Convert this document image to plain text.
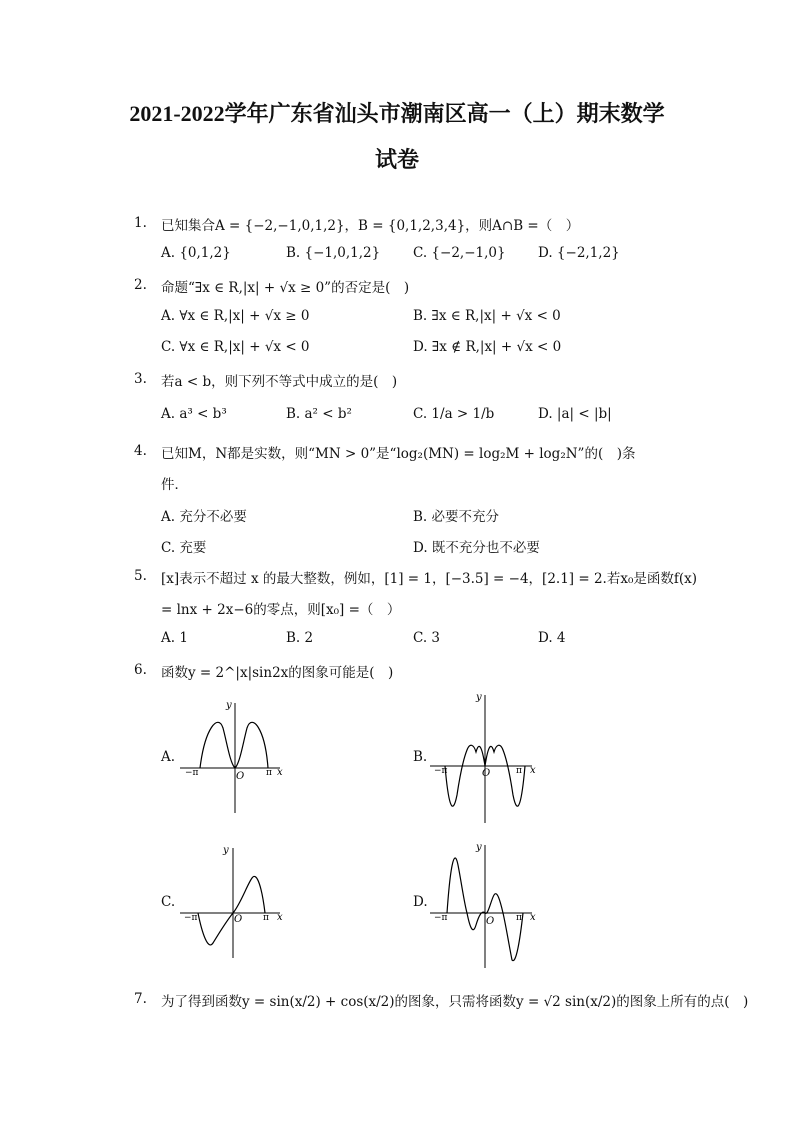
2021-2022学年广东省汕头市潮南区高一（上）期末数学
试卷
1. 已知集合A = {−2,−1,0,1,2}，B = {0,1,2,3,4}，则A∩B =（　）
A. {0,1,2}	B. {−1,0,1,2} C. {−2,−1,0} D. {−2,1,2}
2. 命题“∃x ∈ R,|x| + √x ≥ 0”的否定是(　)
A. ∀x ∈ R,|x| + √x ≥ 0	B. ∃x ∈ R,|x| + √x < 0
C. ∀x ∈ R,|x| + √x < 0	D. ∃x ∉ R,|x| + √x < 0
3. 若a < b，则下列不等式中成立的是(　)
A. a³ < b³	B. a² < b²	C. 1/a > 1/b	D. |a| < |b|
4. 已知M，N都是实数，则“MN > 0”是“log₂(MN) = log₂M + log₂N”的(　)条
件．
A. 充分不必要	B. 必要不充分
C. 充要	D. 既不充分也不必要
5. [x]表示不超过 x 的最大整数，例如，[1] = 1，[−3.5] = −4，[2.1] = 2.若x₀是函数f(x)
= lnx + 2x−6的零点，则[x₀] =（　）
A. 1	B. 2	C. 3	D. 4
6. 函数y = 2^|x|sin2x的图象可能是(　)
A.	B.
C.	D.
y
x
O
−π	π
y
x
O
−π	π
y
x
O
−π	π
y
x
O
−π	π
7. 为了得到函数y = sin(x/2) + cos(x/2)的图象，只需将函数y = √2 sin(x/2)的图象上所有的点(　)
